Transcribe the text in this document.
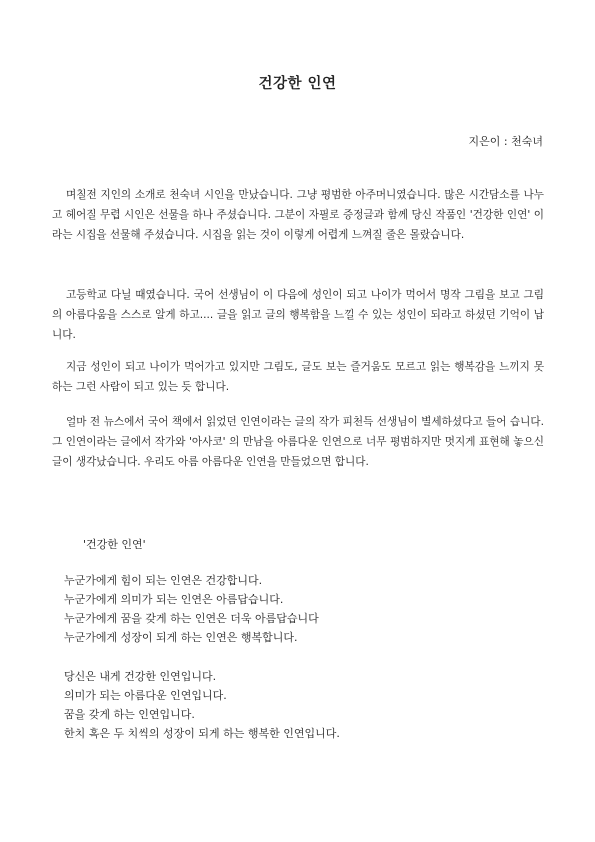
건강한 인연
지은이 : 천숙녀

며칠전 지인의 소개로 천숙녀 시인을 만났습니다. 그냥 평범한 아주머니였습니다. 많은 시간담소를 나누고 헤어질 무렵 시인은 선물을 하나 주셨습니다. 그분이 자필로 증정글과 함께 당신 작품인 '건강한 인연' 이라는 시집을 선물해 주셨습니다. 시집을 읽는 것이 이렇게 어렵게 느껴질 줄은 몰랐습니다.

고등학교 다닐 때였습니다. 국어 선생님이 이 다음에 성인이 되고 나이가 먹어서 명작 그림을 보고 그림의 아름다움을 스스로 알게 하고.... 글을 읽고 글의 행복함을 느낄 수 있는 성인이 되라고 하셨던 기억이 납니다.

지금 성인이 되고 나이가 먹어가고 있지만 그림도, 글도 보는 즐거움도 모르고 읽는 행복감을 느끼지 못하는 그런 사람이 되고 있는 듯 합니다.

얼마 전 뉴스에서 국어 책에서 읽었던 인연이라는 글의 작가 피천득 선생님이 별세하셨다고 들어 습니다. 그 인연이라는 글에서 작가와 '아사코' 의 만남을 아름다운 인연으로 너무 평범하지만 멋지게 표현해 놓으신 글이 생각났습니다. 우리도 아름 아름다운 인연을 만들었으면 합니다.

'건강한 인연'
누군가에게 힘이 되는 인연은 건강합니다.
누군가에게 의미가 되는 인연은 아름답습니다.
누군가에게 꿈을 갖게 하는 인연은 더욱 아름답습니다
누군가에게 성장이 되게 하는 인연은 행복합니다.
당신은 내게 건강한 인연입니다.
의미가 되는 아름다운 인연입니다.
꿈을 갖게 하는 인연입니다.
한치 혹은 두 치씩의 성장이 되게 하는 행복한 인연입니다.
